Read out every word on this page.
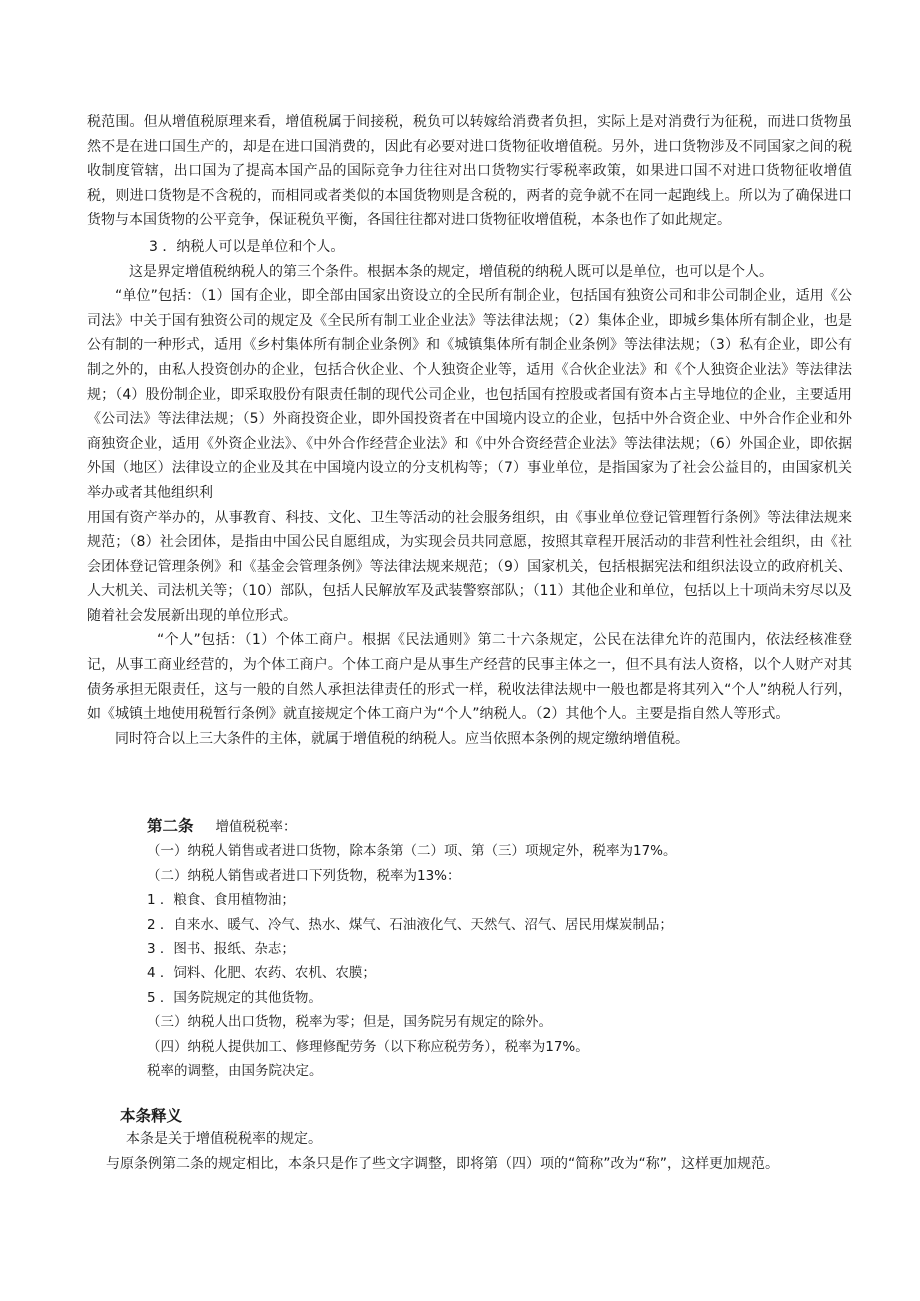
税范围。但从增值税原理来看，增值税属于间接税，税负可以转嫁给消费者负担，实际上是对消费行为征税，而进口货物虽然不是在进口国生产的，却是在进口国消费的，因此有必要对进口货物征收增值税。另外，进口货物涉及不同国家之间的税收制度管辖，出口国为了提高本国产品的国际竞争力往往对出口货物实行零税率政策，如果进口国不对进口货物征收增值税，则进口货物是不含税的，而相同或者类似的本国货物则是含税的，两者的竞争就不在同一起跑线上。所以为了确保进口货物与本国货物的公平竞争，保证税负平衡，各国往往都对进口货物征收增值税，本条也作了如此规定。

3 ．纳税人可以是单位和个人。

这是界定增值税纳税人的第三个条件。根据本条的规定，增值税的纳税人既可以是单位，也可以是个人。

“单位”包括：（1）国有企业，即全部由国家出资设立的全民所有制企业，包括国有独资公司和非公司制企业，适用《公司法》中关于国有独资公司的规定及《全民所有制工业企业法》等法律法规；（2）集体企业，即城乡集体所有制企业，也是公有制的一种形式，适用《乡村集体所有制企业条例》和《城镇集体所有制企业条例》等法律法规；（3）私有企业，即公有制之外的，由私人投资创办的企业，包括合伙企业、个人独资企业等，适用《合伙企业法》和《个人独资企业法》等法律法规；（4）股份制企业，即采取股份有限责任制的现代公司企业，也包括国有控股或者国有资本占主导地位的企业，主要适用《公司法》等法律法规；（5）外商投资企业，即外国投资者在中国境内设立的企业，包括中外合资企业、中外合作企业和外商独资企业，适用《外资企业法》、《中外合作经营企业法》和《中外合资经营企业法》等法律法规；（6）外国企业，即依据外国（地区）法律设立的企业及其在中国境内设立的分支机构等；（7）事业单位，是指国家为了社会公益目的，由国家机关举办或者其他组织利

用国有资产举办的，从事教育、科技、文化、卫生等活动的社会服务组织，由《事业单位登记管理暂行条例》等法律法规来规范；（8）社会团体，是指由中国公民自愿组成，为实现会员共同意愿，按照其章程开展活动的非营利性社会组织，由《社会团体登记管理条例》和《基金会管理条例》等法律法规来规范；（9）国家机关，包括根据宪法和组织法设立的政府机关、人大机关、司法机关等；（10）部队，包括人民解放军及武装警察部队；（11）其他企业和单位，包括以上十项尚未穷尽以及随着社会发展新出现的单位形式。

“个人”包括：（1）个体工商户。根据《民法通则》第二十六条规定，公民在法律允许的范围内，依法经核准登记，从事工商业经营的，为个体工商户。个体工商户是从事生产经营的民事主体之一，但不具有法人资格，以个人财产对其债务承担无限责任，这与一般的自然人承担法律责任的形式一样，税收法律法规中一般也都是将其列入“个人”纳税人行列，如《城镇土地使用税暂行条例》就直接规定个体工商户为“个人”纳税人。（2）其他个人。主要是指自然人等形式。

同时符合以上三大条件的主体，就属于增值税的纳税人。应当依照本条例的规定缴纳增值税。

第二条 增值税税率：

（一）纳税人销售或者进口货物，除本条第（二）项、第（三）项规定外，税率为17%。

（二）纳税人销售或者进口下列货物，税率为13%：

1 ．粮食、食用植物油；

2 ．自来水、暖气、冷气、热水、煤气、石油液化气、天然气、沼气、居民用煤炭制品；

3 ．图书、报纸、杂志；

4 ．饲料、化肥、农药、农机、农膜；

5 ．国务院规定的其他货物。

（三）纳税人出口货物，税率为零；但是，国务院另有规定的除外。

（四）纳税人提供加工、修理修配劳务（以下称应税劳务），税率为17%。

税率的调整，由国务院决定。

本条释义

本条是关于增值税税率的规定。

与原条例第二条的规定相比，本条只是作了些文字调整，即将第（四）项的“简称”改为“称”，这样更加规范。
